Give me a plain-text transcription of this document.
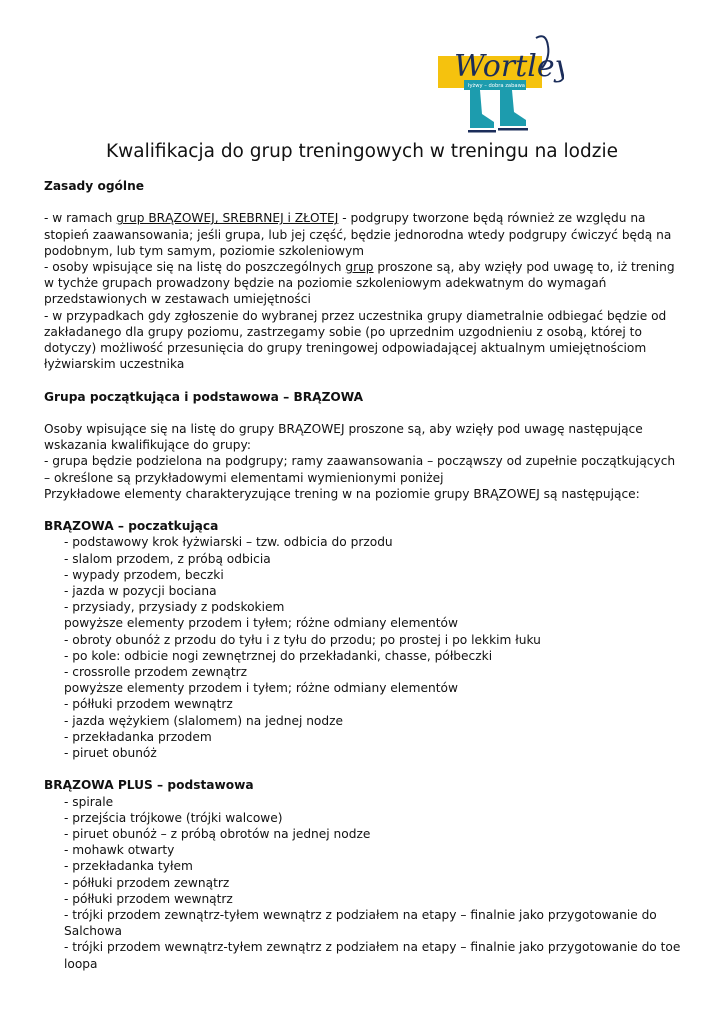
Wortley
łyżwy – dobra zabawa
Kwalifikacja do grup treningowych w treningu na lodzie

Zasady ogólne

- w ramach grup BRĄZOWEJ, SREBRNEJ i ZŁOTEJ - podgrupy tworzone będą również ze względu na stopień zaawansowania; jeśli grupa, lub jej część, będzie jednorodna wtedy podgrupy ćwiczyć będą na podobnym, lub tym samym, poziomie szkoleniowym

- osoby wpisujące się na listę do poszczególnych grup proszone są, aby wzięły pod uwagę to, iż trening w tychże grupach prowadzony będzie na poziomie szkoleniowym adekwatnym do wymagań przedstawionych w zestawach umiejętności

- w przypadkach gdy zgłoszenie do wybranej przez uczestnika grupy diametralnie odbiegać będzie od zakładanego dla grupy poziomu, zastrzegamy sobie (po uprzednim uzgodnieniu z osobą, której to dotyczy) możliwość przesunięcia do grupy treningowej odpowiadającej aktualnym umiejętnościom łyżwiarskim uczestnika

Grupa początkująca i podstawowa – BRĄZOWA

Osoby wpisujące się na listę do grupy BRĄZOWEJ proszone są, aby wzięły pod uwagę następujące wskazania kwalifikujące do grupy:

- grupa będzie podzielona na podgrupy; ramy zaawansowania – począwszy od zupełnie początkujących – określone są przykładowymi elementami wymienionymi poniżej

Przykładowe elementy charakteryzujące trening w na poziomie grupy BRĄZOWEJ są następujące:

BRĄZOWA – poczatkująca

- podstawowy krok łyżwiarski – tzw. odbicia do przodu

- slalom przodem, z próbą odbicia

- wypady przodem, beczki

- jazda w pozycji bociana

- przysiady, przysiady z podskokiem

powyższe elementy przodem i tyłem; różne odmiany elementów

- obroty obunóż z przodu do tyłu i z tyłu do przodu; po prostej i po lekkim łuku

- po kole: odbicie nogi zewnętrznej do przekładanki, chasse, półbeczki

- crossrolle przodem zewnątrz

powyższe elementy przodem i tyłem; różne odmiany elementów

- półłuki przodem wewnątrz

- jazda wężykiem (slalomem) na jednej nodze

- przekładanka przodem

- piruet obunóż

BRĄZOWA PLUS – podstawowa

- spirale

- przejścia trójkowe (trójki walcowe)

- piruet obunóż – z próbą obrotów na jednej nodze

- mohawk otwarty

- przekładanka tyłem

- półłuki przodem zewnątrz

- półłuki przodem wewnątrz

- trójki przodem zewnątrz-tyłem wewnątrz z podziałem na etapy – finalnie jako przygotowanie do Salchowa

- trójki przodem wewnątrz-tyłem zewnątrz z podziałem na etapy – finalnie jako przygotowanie do toe loopa
